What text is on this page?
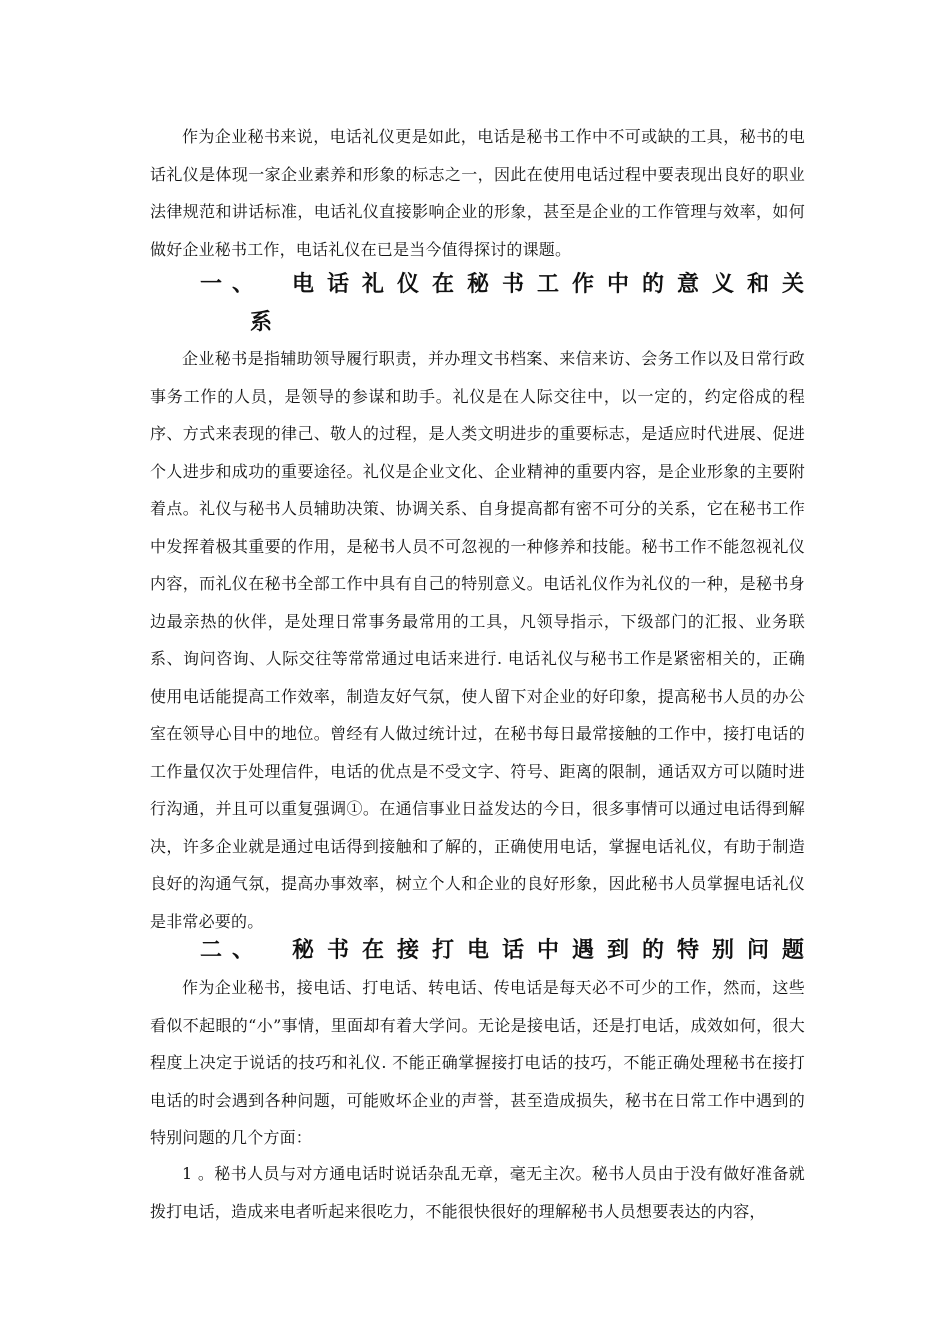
作为企业秘书来说，电话礼仪更是如此，电话是秘书工作中不可或缺的工具，秘书的电话礼仪是体现一家企业素养和形象的标志之一，因此在使用电话过程中要表现出良好的职业法律规范和讲话标准，电话礼仪直接影响企业的形象，甚至是企业的工作管理与效率，如何做好企业秘书工作，电话礼仪在已是当今值得探讨的课题。

一、 电话礼仪在秘书工作中的意义和关
系

企业秘书是指辅助领导履行职责，并办理文书档案、来信来访、会务工作以及日常行政事务工作的人员，是领导的参谋和助手。礼仪是在人际交往中，以一定的，约定俗成的程序、方式来表现的律己、敬人的过程，是人类文明进步的重要标志，是适应时代进展、促进个人进步和成功的重要途径。礼仪是企业文化、企业精神的重要内容，是企业形象的主要附着点。礼仪与秘书人员辅助决策、协调关系、自身提高都有密不可分的关系，它在秘书工作中发挥着极其重要的作用，是秘书人员不可忽视的一种修养和技能。秘书工作不能忽视礼仪内容，而礼仪在秘书全部工作中具有自己的特别意义。电话礼仪作为礼仪的一种，是秘书身边最亲热的伙伴，是处理日常事务最常用的工具，凡领导指示，下级部门的汇报、业务联系、询问咨询、人际交往等常常通过电话来进行. 电话礼仪与秘书工作是紧密相关的，正确使用电话能提高工作效率，制造友好气氛，使人留下对企业的好印象，提高秘书人员的办公室在领导心目中的地位。曾经有人做过统计过，在秘书每日最常接触的工作中，接打电话的工作量仅次于处理信件，电话的优点是不受文字、符号、距离的限制，通话双方可以随时进行沟通，并且可以重复强调①。在通信事业日益发达的今日，很多事情可以通过电话得到解决，许多企业就是通过电话得到接触和了解的，正确使用电话，掌握电话礼仪，有助于制造良好的沟通气氛，提高办事效率，树立个人和企业的良好形象，因此秘书人员掌握电话礼仪是非常必要的。

二、 秘书在接打电话中遇到的特别问题

作为企业秘书，接电话、打电话、转电话、传电话是每天必不可少的工作，然而，这些看似不起眼的“小”事情，里面却有着大学问。无论是接电话，还是打电话，成效如何，很大程度上决定于说话的技巧和礼仪. 不能正确掌握接打电话的技巧，不能正确处理秘书在接打电话的时会遇到各种问题，可能败坏企业的声誉，甚至造成损失，秘书在日常工作中遇到的特别问题的几个方面：

1 。秘书人员与对方通电话时说话杂乱无章，毫无主次。秘书人员由于没有做好准备就拨打电话，造成来电者听起来很吃力，不能很快很好的理解秘书人员想要表达的内容，
